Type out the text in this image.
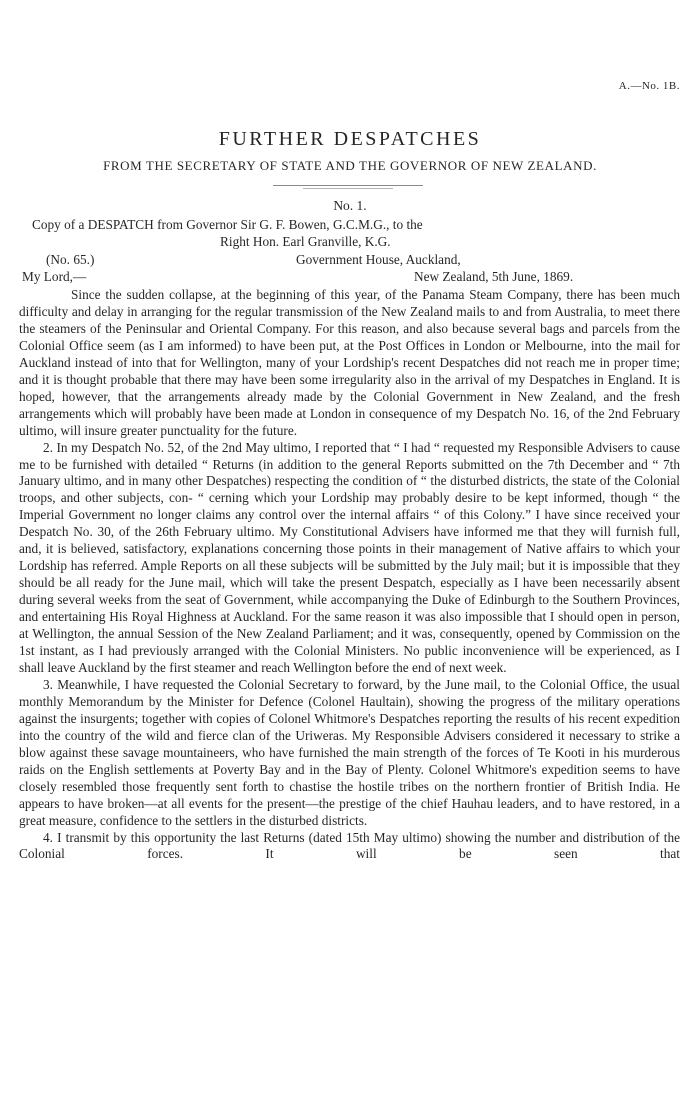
A.—No. 1B.
FURTHER DESPATCHES
FROM THE SECRETARY OF STATE AND THE GOVERNOR OF NEW ZEALAND.
No. 1.
Copy of a DESPATCH from Governor Sir G. F. Bowen, G.C.M.G., to the
Right Hon. Earl Granville, K.G.
(No. 65.)	Government House, Auckland,
My Lord,—	New Zealand, 5th June, 1869.

Since the sudden collapse, at the beginning of this year, of the Panama Steam Company, there has been much difficulty and delay in arranging for the regular transmission of the New Zealand mails to and from Australia, to meet there the steamers of the Peninsular and Oriental Company. For this reason, and also because several bags and parcels from the Colonial Office seem (as I am informed) to have been put, at the Post Offices in London or Melbourne, into the mail for Auckland instead of into that for Wellington, many of your Lordship's recent Despatches did not reach me in proper time; and it is thought probable that there may have been some irregularity also in the arrival of my Despatches in England. It is hoped, however, that the arrangements already made by the Colonial Government in New Zealand, and the fresh arrangements which will probably have been made at London in consequence of my Despatch No. 16, of the 2nd February ultimo, will insure greater punctuality for the future.

2. In my Despatch No. 52, of the 2nd May ultimo, I reported that “ I had “ requested my Responsible Advisers to cause me to be furnished with detailed “ Returns (in addition to the general Reports submitted on the 7th December and “ 7th January ultimo, and in many other Despatches) respecting the condition of “ the disturbed districts, the state of the Colonial troops, and other subjects, con- “ cerning which your Lordship may probably desire to be kept informed, though “ the Imperial Government no longer claims any control over the internal affairs “ of this Colony.” I have since received your Despatch No. 30, of the 26th February ultimo. My Constitutional Advisers have informed me that they will furnish full, and, it is believed, satisfactory, explanations concerning those points in their management of Native affairs to which your Lordship has referred. Ample Reports on all these subjects will be submitted by the July mail; but it is impossible that they should be all ready for the June mail, which will take the present Despatch, especially as I have been necessarily absent during several weeks from the seat of Government, while accompanying the Duke of Edinburgh to the Southern Provinces, and entertaining His Royal Highness at Auckland. For the same reason it was also impossible that I should open in person, at Wellington, the annual Session of the New Zealand Parliament; and it was, consequently, opened by Commission on the 1st instant, as I had previously arranged with the Colonial Ministers. No public inconvenience will be experienced, as I shall leave Auckland by the first steamer and reach Wellington before the end of next week.

3. Meanwhile, I have requested the Colonial Secretary to forward, by the June mail, to the Colonial Office, the usual monthly Memorandum by the Minister for Defence (Colonel Haultain), showing the progress of the military operations against the insurgents; together with copies of Colonel Whitmore's Despatches reporting the results of his recent expedition into the country of the wild and fierce clan of the Uriweras. My Responsible Advisers considered it necessary to strike a blow against these savage mountaineers, who have furnished the main strength of the forces of Te Kooti in his murderous raids on the English settlements at Poverty Bay and in the Bay of Plenty. Colonel Whitmore's expedition seems to have closely resembled those frequently sent forth to chastise the hostile tribes on the northern frontier of British India. He appears to have broken—at all events for the present—the prestige of the chief Hauhau leaders, and to have restored, in a great measure, confidence to the settlers in the disturbed districts.

4. I transmit by this opportunity the last Returns (dated 15th May ultimo) showing the number and distribution of the Colonial forces. It will be seen that
